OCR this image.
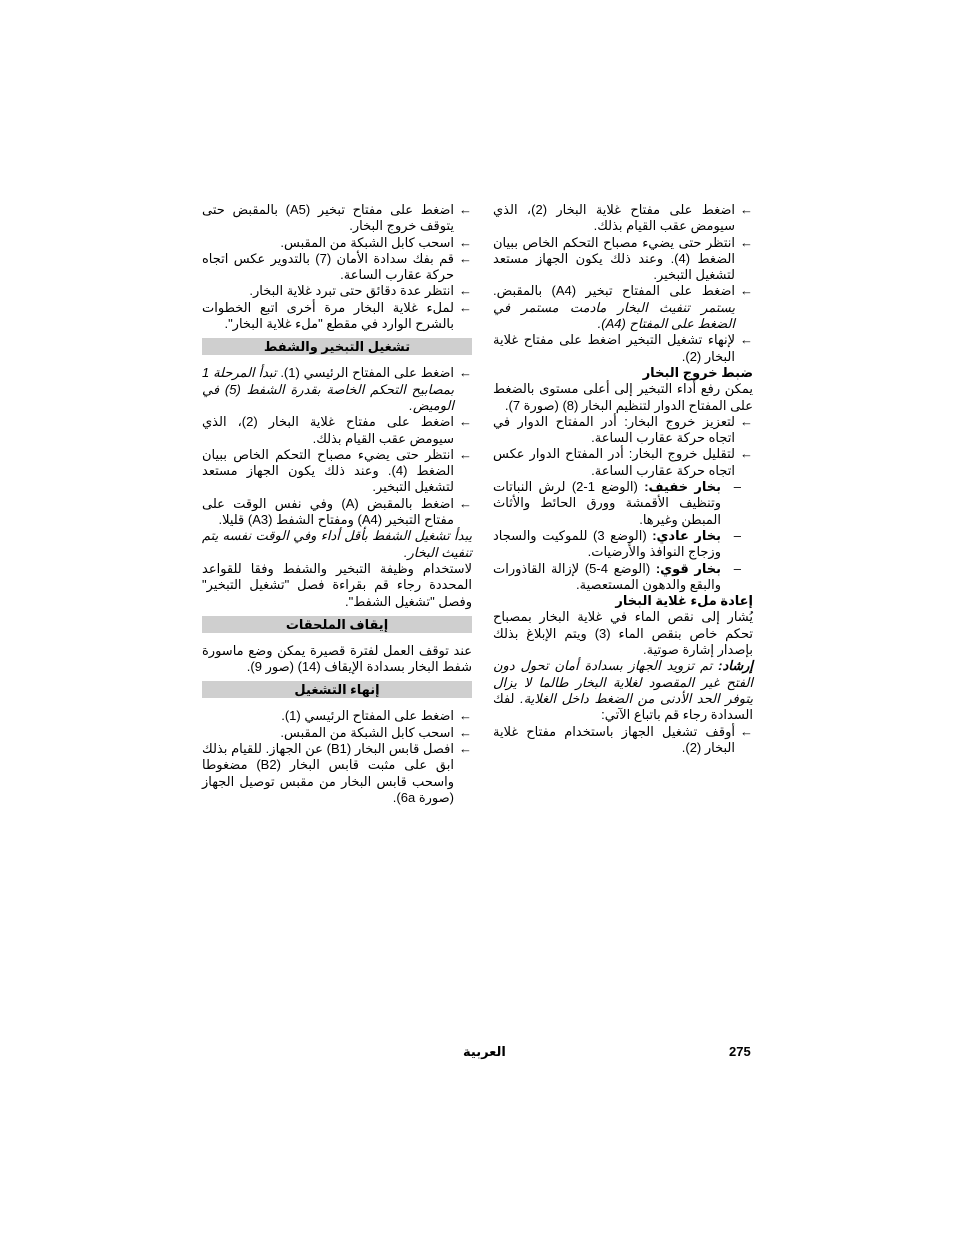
←
اضغط على مفتاح غلاية البخار (2)، الذي سيومض عقب القيام بذلك.
←
انتظر حتى يضيء مصباح التحكم الخاص ببيان الضغط (4). وعند ذلك يكون الجهاز مستعد لتشغيل التبخير.
←
اضغط على المفتاح تبخير (A4) بالمقبض. يستمر تنفيث البخار مادمت مستمر في الضغط على المفتاح (A4).
←
لإنهاء تشغيل التبخير اضغط على مفتاح غلاية البخار (2).
ضبط خروج البخار
يمكن رفع أداء التبخير إلى أعلى مستوى بالضغط على المفتاح الدوار لتنظيم البخار (8) (صورة 7).
←
لتعزيز خروج البخار: أدر المفتاح الدوار في اتجاه حركة عقارب الساعة.
←
لتقليل خروج البخار: أدر المفتاح الدوار عكس اتجاه حركة عقارب الساعة.
–
بخار خفيف: (الوضع 1-2) لرش النباتات وتنظيف الأقمشة وورق الحائط والأثاث المبطن وغيرها.
–
بخار عادي: (الوضع 3) للموكيت والسجاد وزجاج النوافذ والأرضيات.
–
بخار قوي: (الوضع 4-5) لإزالة القاذورات والبقع والدهون المستعصية.
إعادة ملء غلاية البخار
يُشار إلى نقص الماء في غلاية البخار بمصباح تحكم خاص بنقص الماء (3) ويتم الإبلاغ بذلك بإصدار إشارة صوتية.
إرشاد: تم تزويد الجهاز بسدادة أمان تحول دون الفتح غير المقصود لغلاية البخار طالما لا يزال يتوفر الحد الأدنى من الضغط داخل الغلاية. لفك السدادة رجاء قم باتباع الآتي:
←
أوقف تشغيل الجهاز باستخدام مفتاح غلاية البخار (2).
←
اضغط على مفتاح تبخير (A5) بالمقبض حتى يتوقف خروج البخار.
←
اسحب كابل الشبكة من المقبس.
←
قم بفك سدادة الأمان (7) بالتدوير عكس اتجاه حركة عقارب الساعة.
←
انتظر عدة دقائق حتى تبرد غلاية البخار.
←
لملء غلاية البخار مرة أخرى اتبع الخطوات بالشرح الوارد في مقطع "ملء غلاية البخار".
تشغيل التبخير والشفط
←
اضغط على المفتاح الرئيسي (1). تبدأ المرحلة 1 بمصابيح التحكم الخاصة بقدرة الشفط (5) في الوميض.
←
اضغط على مفتاح غلاية البخار (2)، الذي سيومض عقب القيام بذلك.
←
انتظر حتى يضيء مصباح التحكم الخاص ببيان الضغط (4). وعند ذلك يكون الجهاز مستعد لتشغيل التبخير.
←
اضغط بالمقبض (A) وفي نفس الوقت على مفتاح التبخير (A4) ومفتاح الشفط (A3) قليلا.
يبدأ تشغيل الشفط بأقل أداء وفي الوقت نفسه يتم تنفيث البخار.
لاستخدام وظيفة التبخير والشفط وفقا للقواعد المحددة رجاء قم بقراءة فصل "تشغيل التبخير" وفصل "تشغيل الشفط".
إيقاف الملحقات
عند توقف العمل لفترة قصيرة يمكن وضع ماسورة شفط البخار بسدادة الإيقاف (14) (صور 9).
إنهاء التشغيل
←
اضغط على المفتاح الرئيسي (1).
←
اسحب كابل الشبكة من المقبس.
←
افصل قابس البخار (B1) عن الجهاز. للقيام بذلك ابق على مثبت قابس البخار (B2) مضغوطا واسحب قابس البخار من مقبس توصيل الجهاز (صورة 6a).
العربية	275
